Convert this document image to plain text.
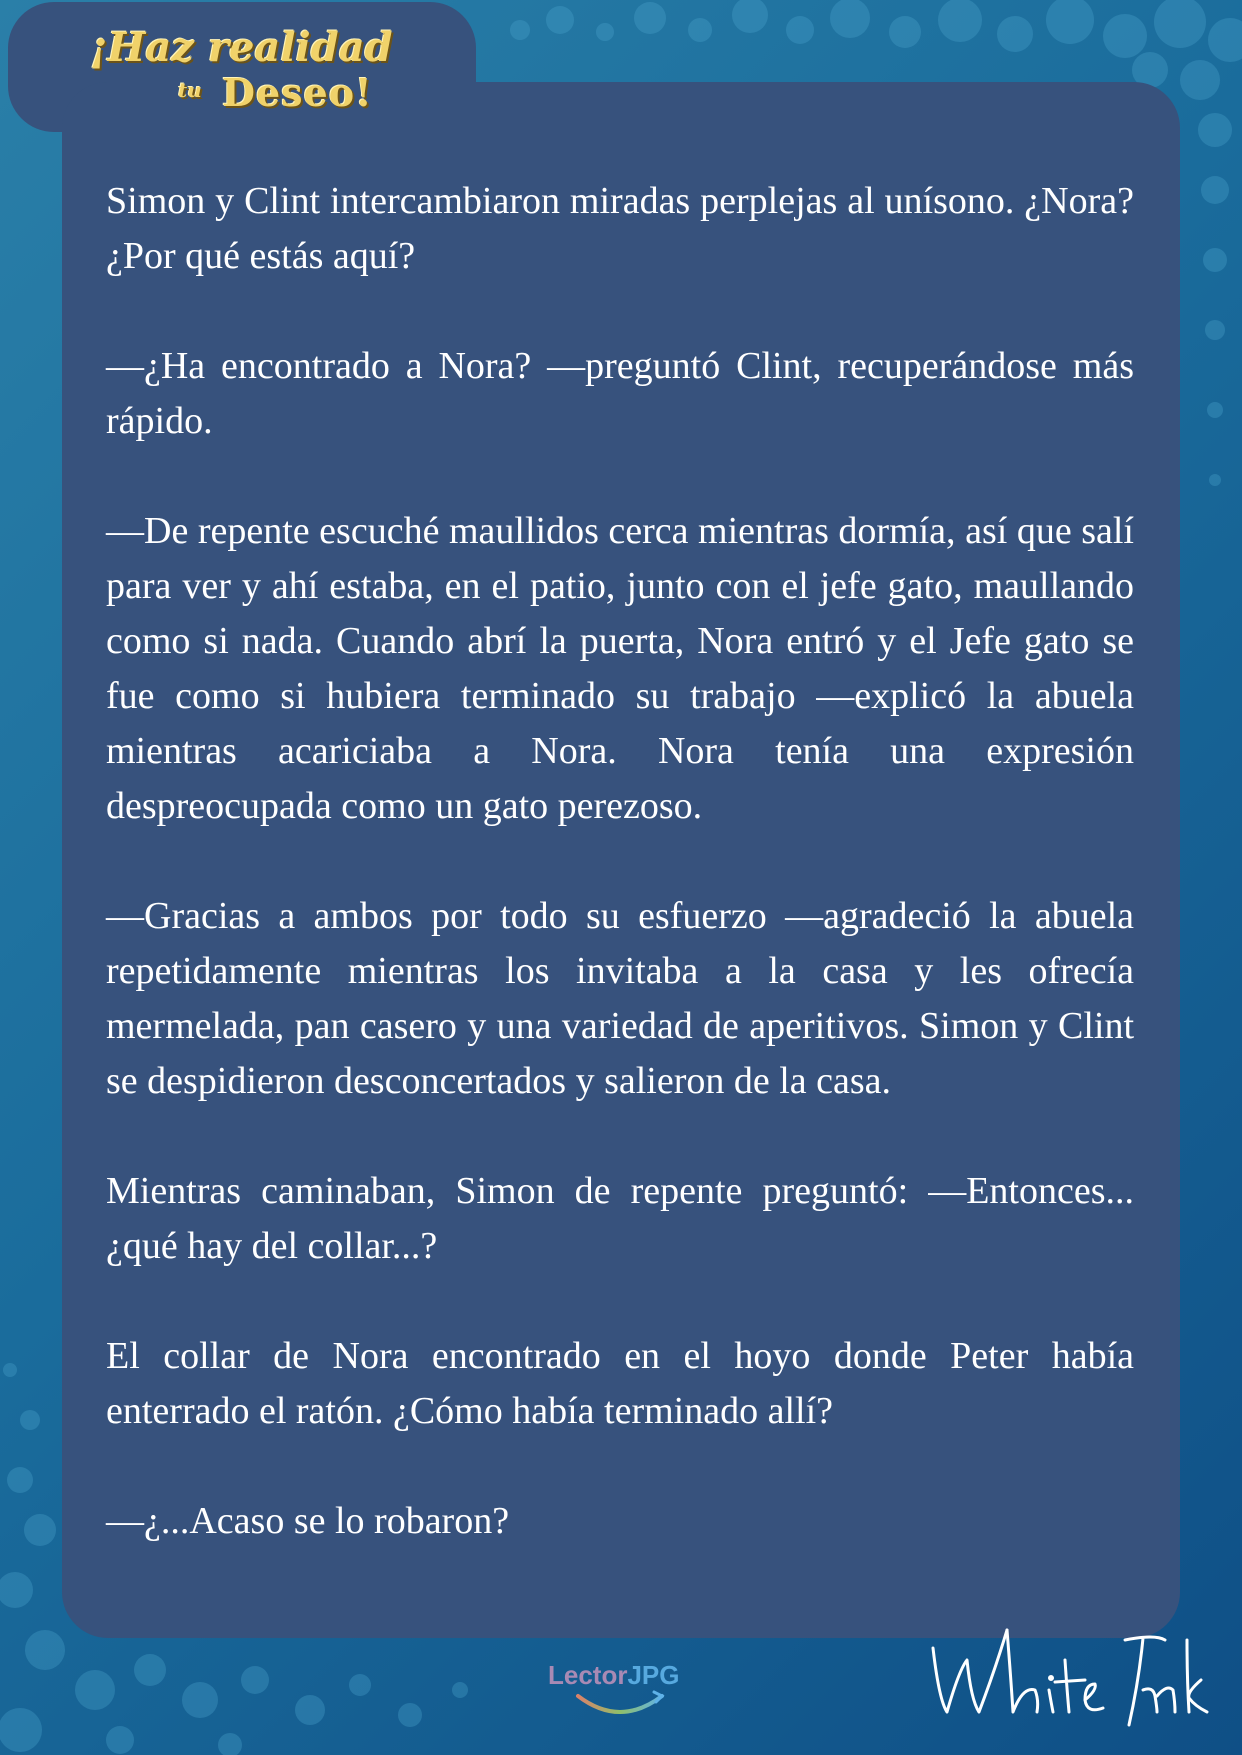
¡Haz realidad
tu Deseo!

Simon y Clint intercambiaron miradas perplejas al unísono. ¿Nora? ¿Por qué estás aquí?

—¿Ha encontrado a Nora? —preguntó Clint, recuperándose más rápido.

—De repente escuché maullidos cerca mientras dormía, así que salí para ver y ahí estaba, en el patio, junto con el jefe gato, maullando como si nada. Cuando abrí la puerta, Nora entró y el Jefe gato se fue como si hubiera terminado su trabajo —explicó la abuela mientras acariciaba a Nora. Nora tenía una expresión despreocupada como un gato perezoso.

—Gracias a ambos por todo su esfuerzo —agradeció la abuela repetidamente mientras los invitaba a la casa y les ofrecía mermelada, pan casero y una variedad de aperitivos. Simon y Clint se despidieron desconcertados y salieron de la casa.

Mientras caminaban, Simon de repente preguntó: —Entonces... ¿qué hay del collar...?

El collar de Nora encontrado en el hoyo donde Peter había enterrado el ratón. ¿Cómo había terminado allí?

—¿...Acaso se lo robaron?

LectorJPG
